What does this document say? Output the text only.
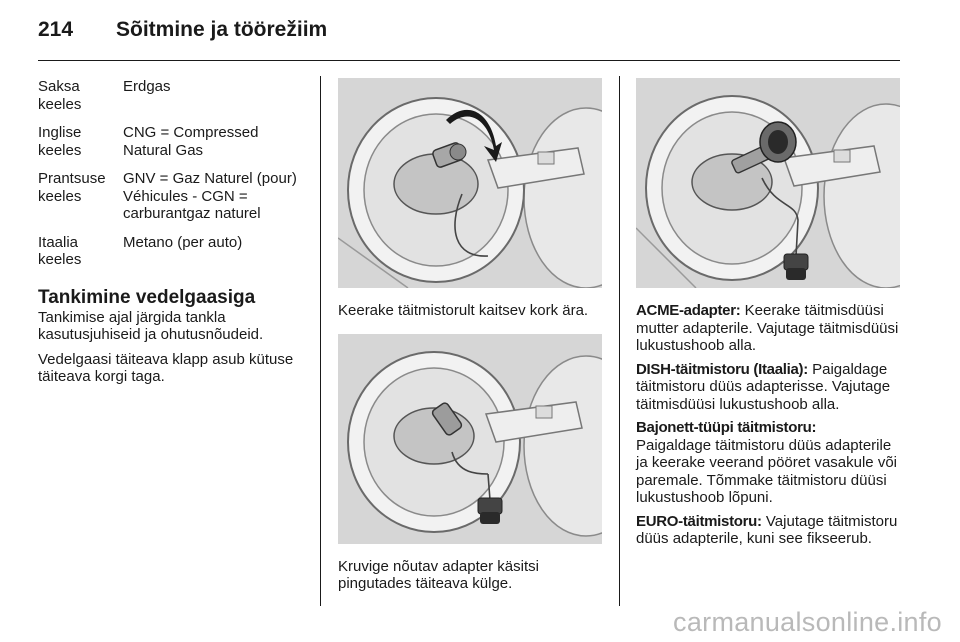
214 Sõitmine ja töörežiim
Saksa keeles
Erdgas
Inglise keeles
CNG = Compressed Natural Gas
Prantsuse keeles
GNV = Gaz Naturel (pour) Véhicules - CGN = carburantgaz naturel
Itaalia keeles
Metano (per auto)
Tankimine vedelgaasiga

Tankimise ajal järgida tankla kasutusjuhiseid ja ohutusnõudeid.

Vedelgaasi täiteava klapp asub kütuse täiteava korgi taga.

Keerake täitmistorult kaitsev kork ära.
Kruvige nõutav adapter käsitsi pingutades täiteava külge.

ACME-adapter: Keerake täitmisdüüsi mutter adapterile. Vajutage täitmisdüüsi lukustushoob alla.

DISH-täitmistoru (Itaalia): Paigaldage täitmistoru düüs adapterisse. Vajutage täitmisdüüsi lukustushoob alla.

Bajonett-tüüpi täitmistoru:
Paigaldage täitmistoru düüs adapterile ja keerake veerand pööret vasakule või paremale. Tõmmake täitmistoru düüsi lukustushoob lõpuni.

EURO-täitmistoru: Vajutage täitmistoru düüs adapterile, kuni see fikseerub.

carmanualsonline.info
